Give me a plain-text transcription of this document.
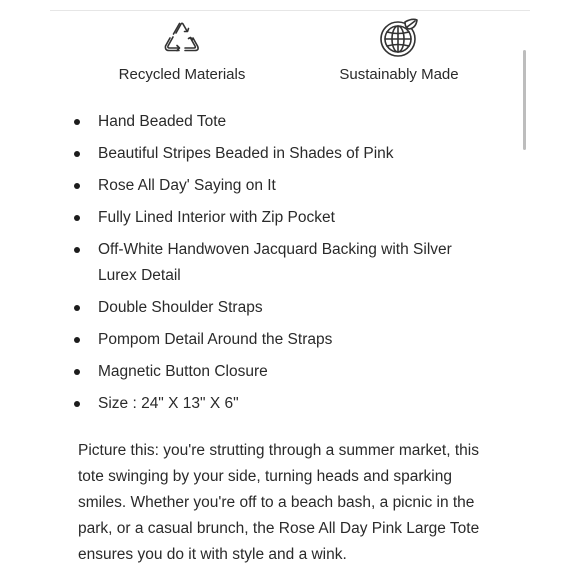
Recycled Materials	Sustainably Made
Hand Beaded Tote
Beautiful Stripes Beaded in Shades of Pink
Rose All Day' Saying on It
Fully Lined Interior with Zip Pocket
Off-White Handwoven Jacquard Backing with Silver Lurex Detail
Double Shoulder Straps
Pompom Detail Around the Straps
Magnetic Button Closure
Size : 24" X 13" X 6"

Picture this: you're strutting through a summer market, this tote swinging by your side, turning heads and sparking smiles. Whether you're off to a beach bash, a picnic in the park, or a casual brunch, the Rose All Day Pink Large Tote ensures you do it with style and a wink.
